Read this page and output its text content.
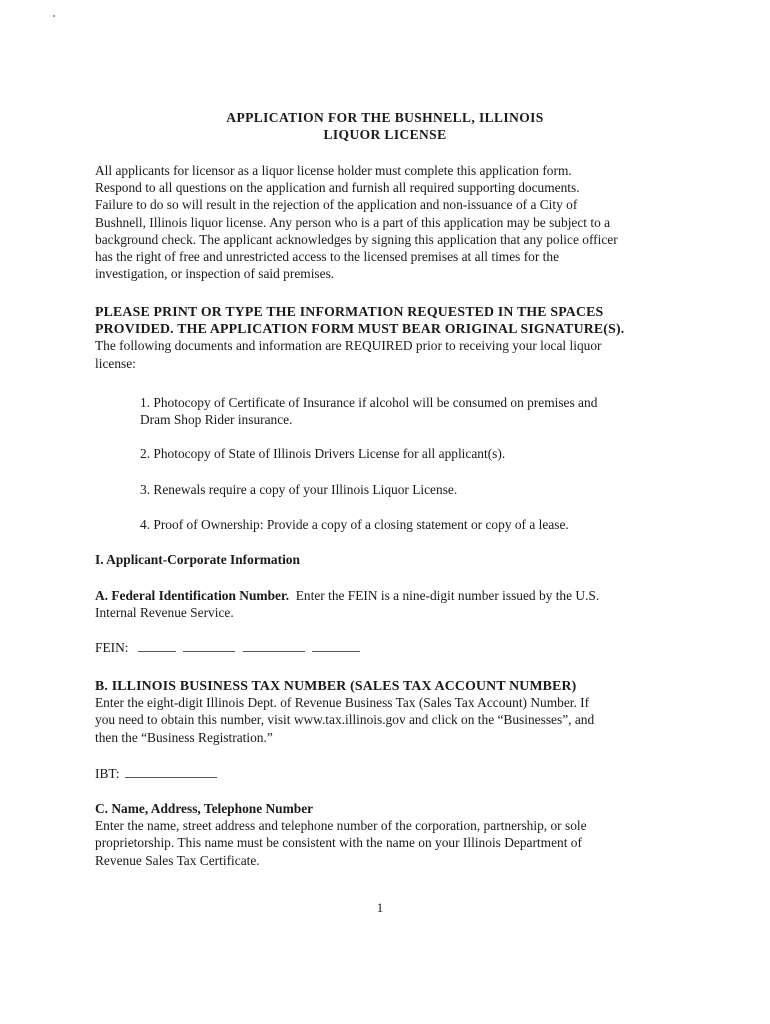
APPLICATION FOR THE BUSHNELL, ILLINOIS
LIQUOR LICENSE
All applicants for licensor as a liquor license holder must complete this application form.
Respond to all questions on the application and furnish all required supporting documents.
Failure to do so will result in the rejection of the application and non-issuance of a City of
Bushnell, Illinois liquor license. Any person who is a part of this application may be subject to a
background check. The applicant acknowledges by signing this application that any police officer
has the right of free and unrestricted access to the licensed premises at all times for the
investigation, or inspection of said premises.
PLEASE PRINT OR TYPE THE INFORMATION REQUESTED IN THE SPACES
PROVIDED. THE APPLICATION FORM MUST BEAR ORIGINAL SIGNATURE(S).
The following documents and information are REQUIRED prior to receiving your local liquor
license:
1. Photocopy of Certificate of Insurance if alcohol will be consumed on premises and
Dram Shop Rider insurance.
2. Photocopy of State of Illinois Drivers License for all applicant(s).
3. Renewals require a copy of your Illinois Liquor License.
4. Proof of Ownership: Provide a copy of a closing statement or copy of a lease.
I. Applicant-Corporate Information
A. Federal Identification Number. Enter the FEIN is a nine-digit number issued by the U.S.
Internal Revenue Service.
FEIN:
B. ILLINOIS BUSINESS TAX NUMBER (SALES TAX ACCOUNT NUMBER)
Enter the eight-digit Illinois Dept. of Revenue Business Tax (Sales Tax Account) Number. If
you need to obtain this number, visit www.tax.illinois.gov and click on the “Businesses”, and
then the “Business Registration.”
IBT:
C. Name, Address, Telephone Number
Enter the name, street address and telephone number of the corporation, partnership, or sole
proprietorship. This name must be consistent with the name on your Illinois Department of
Revenue Sales Tax Certificate.
1
